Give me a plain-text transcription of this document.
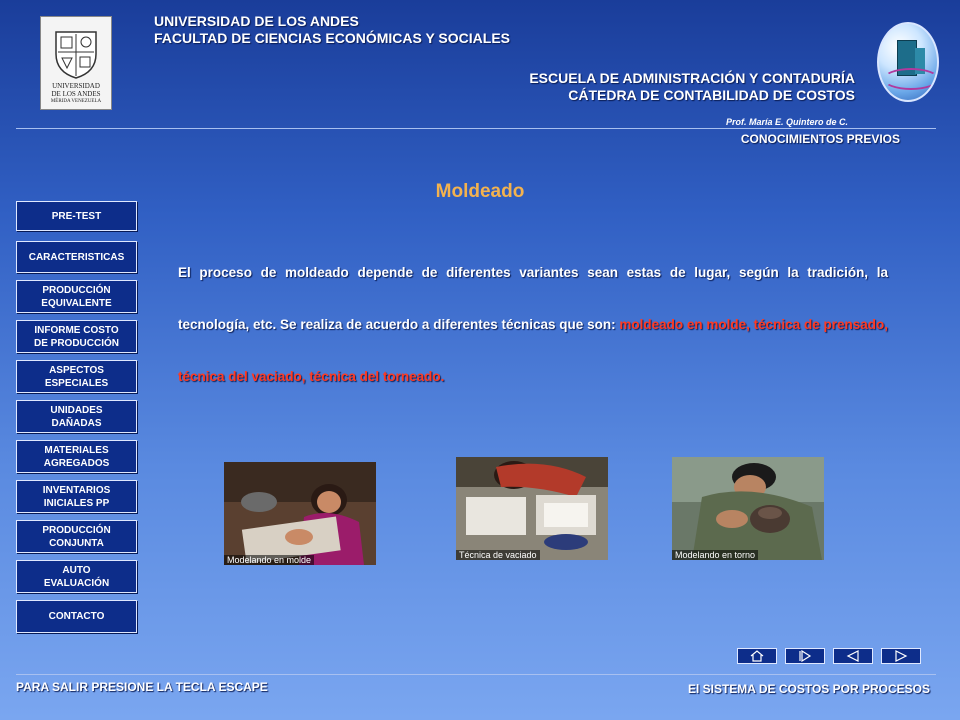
UNIVERSIDAD
DE LOS ANDES
MÉRIDA VENEZUELA
UNIVERSIDAD DE LOS ANDES
FACULTAD DE CIENCIAS ECONÓMICAS Y SOCIALES
ESCUELA DE ADMINISTRACIÓN Y CONTADURÍA
CÁTEDRA DE CONTABILIDAD DE COSTOS
Prof. María E. Quintero de C.
CONOCIMIENTOS PREVIOS
Moldeado
PRE-TEST
CARACTERISTICAS
PRODUCCIÓN
EQUIVALENTE
INFORME COSTO
DE PRODUCCIÓN
ASPECTOS
ESPECIALES
UNIDADES
DAÑADAS
MATERIALES
AGREGADOS
INVENTARIOS
INICIALES PP
PRODUCCIÓN
CONJUNTA
AUTO
EVALUACIÓN
CONTACTO
El proceso de moldeado depende de diferentes variantes sean estas de lugar, según la tradición, la tecnología, etc. Se realiza de acuerdo a diferentes técnicas que son: moldeado en molde, técnica de prensado, técnica del vaciado, técnica del torneado.
Modelando en molde	Técnica de vaciado	Modelando en torno
PARA SALIR PRESIONE LA TECLA ESCAPE	El SISTEMA DE COSTOS POR PROCESOS
